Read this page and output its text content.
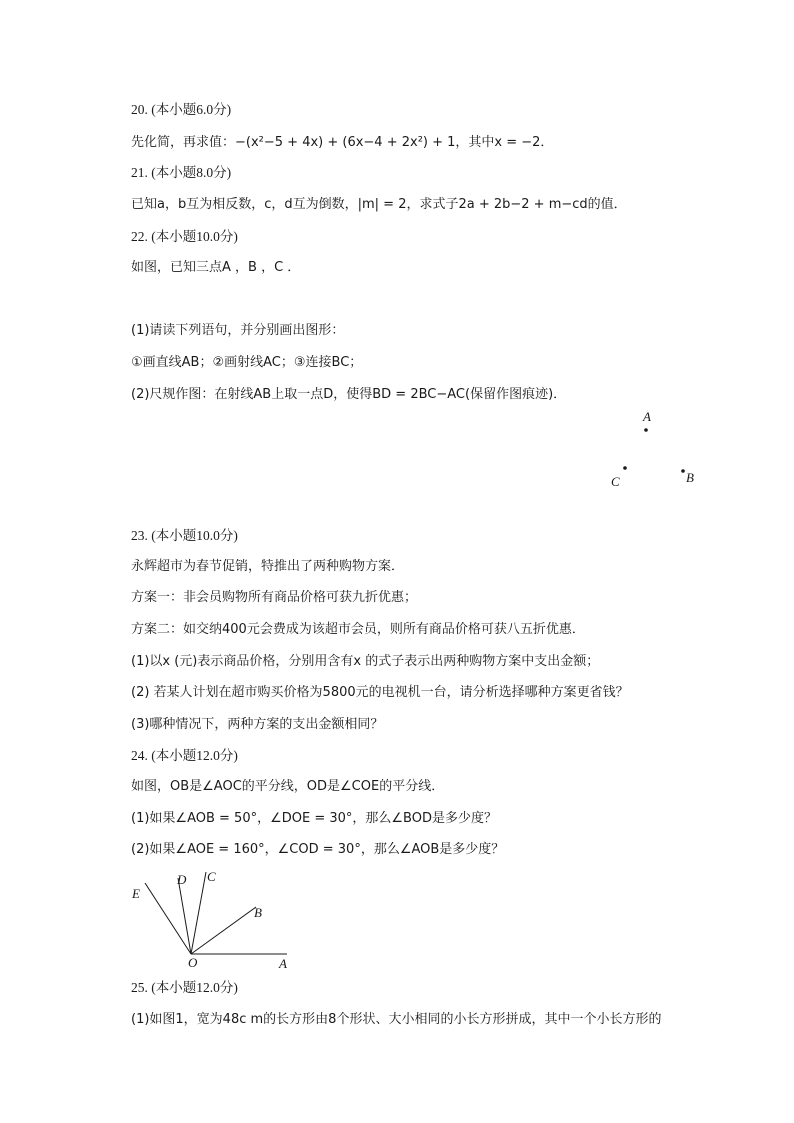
20. (本小题6.0分)
先化简，再求值：−(x²−5 + 4x) + (6x−4 + 2x²) + 1，其中x = −2．
21. (本小题8.0分)
已知a，b互为相反数，c，d互为倒数，|m| = 2，求式子2a + 2b−2 + m−cd的值．
22. (本小题10.0分)
如图，已知三点A ，B ，C ．
(1)请读下列语句，并分别画出图形：
①画直线AB；②画射线AC；③连接BC；
(2)尺规作图：在射线AB上取一点D，使得BD = 2BC−AC(保留作图痕迹)．
A
C	B
23. (本小题10.0分)
永辉超市为春节促销，特推出了两种购物方案．
方案一：非会员购物所有商品价格可获九折优惠；
方案二：如交纳400元会费成为该超市会员，则所有商品价格可获八五折优惠．
(1)以x (元)表示商品价格，分别用含有x 的式子表示出两种购物方案中支出金额；
(2) 若某人计划在超市购买价格为5800元的电视机一台，请分析选择哪种方案更省钱？
(3)哪种情况下，两种方案的支出金额相同？
24. (本小题12.0分)
如图，OB是∠AOC的平分线，OD是∠COE的平分线．
(1)如果∠AOB = 50°，∠DOE = 30°，那么∠BOD是多少度？
(2)如果∠AOE = 160°，∠COD = 30°，那么∠AOB是多少度？
E
D C
B
O	A
25. (本小题12.0分)
(1)如图1，宽为48c m的长方形由8个形状、大小相同的小长方形拼成，其中一个小长方形的
